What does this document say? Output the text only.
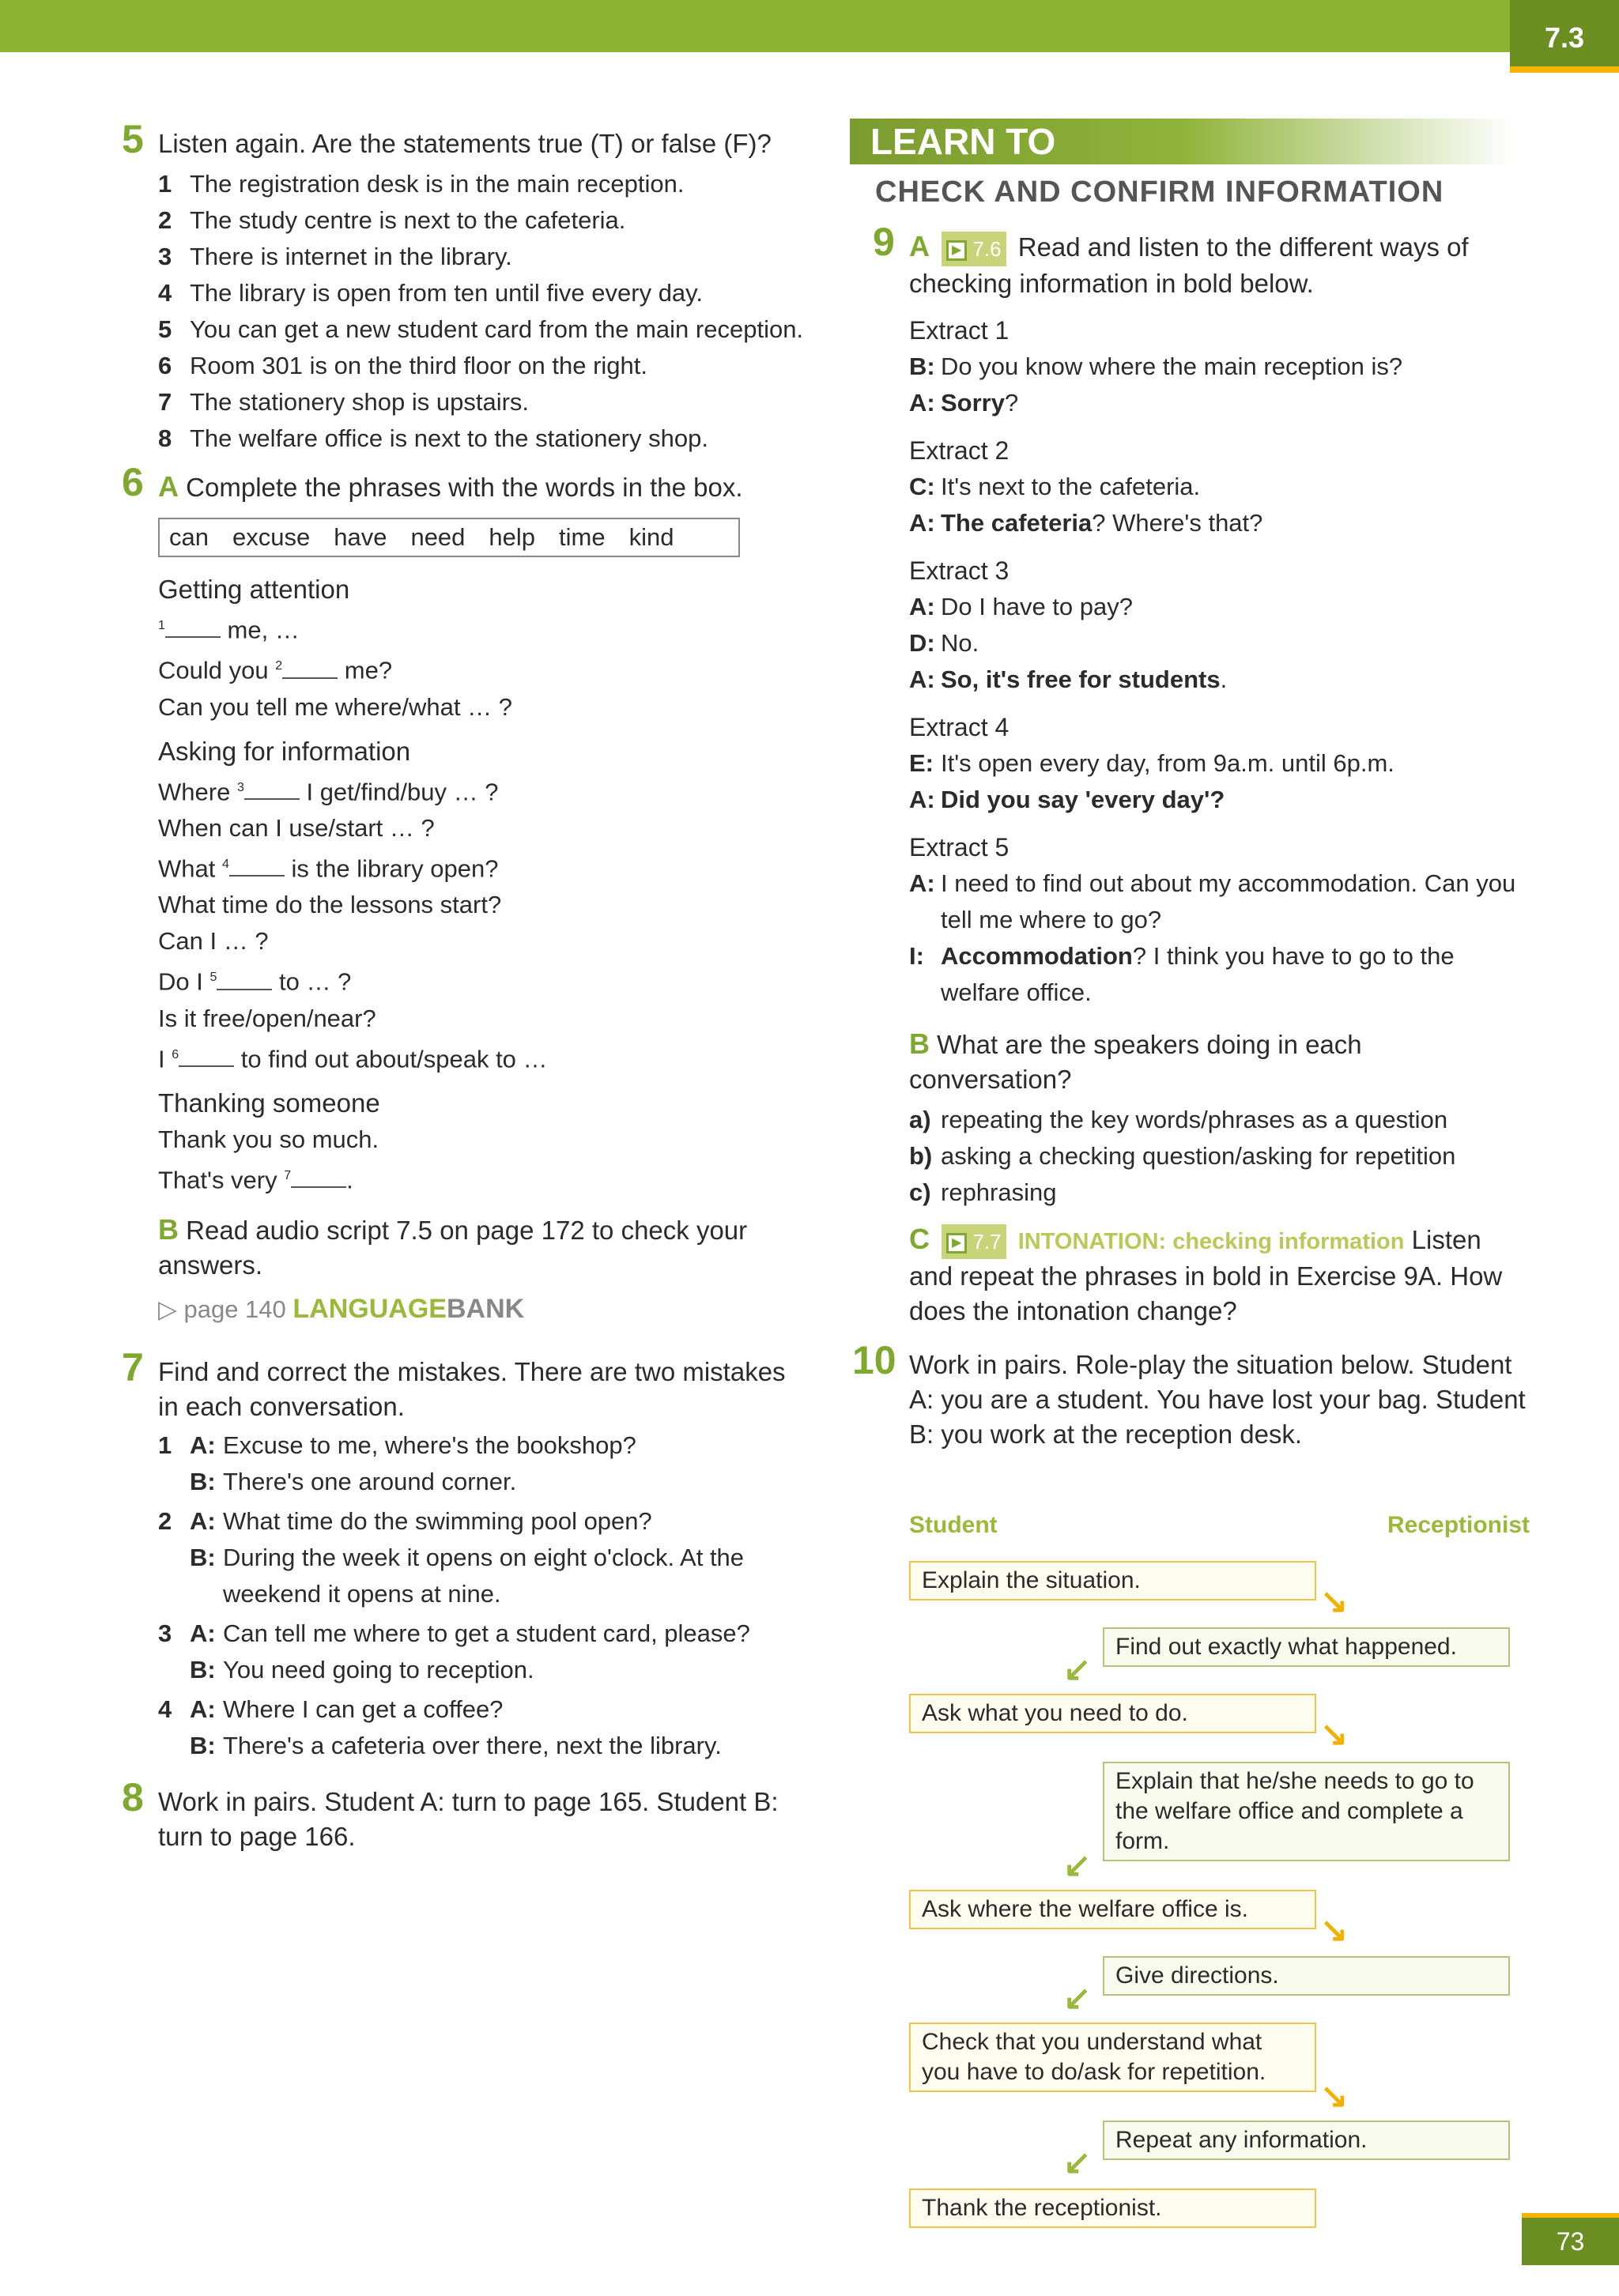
7.3
5 Listen again. Are the statements true (T) or false (F)?
1 The registration desk is in the main reception.
2 The study centre is next to the cafeteria.
3 There is internet in the library.
4 The library is open from ten until five every day.
5 You can get a new student card from the main reception.
6 Room 301 is on the third floor on the right.
7 The stationery shop is upstairs.
8 The welfare office is next to the stationery shop.
6 A Complete the phrases with the words in the box.
can excuse have need help time kind
Getting attention
$^1$	me, …
Could you $^2$	me?
Can you tell me where/what … ?
Asking for information
Where $^3$	I get/find/buy … ?
When can I use/start … ?
What $^4$	is the library open?
What time do the lessons start?
Can I … ?
Do I $^5$	to … ?
Is it free/open/near?
I $^6$	to find out about/speak to …
Thanking someone
Thank you so much.
That's very $^7$ .
B Read audio script 7.5 on page 172 to check your answers.
▷ page 140 LANGUAGEBANK
7 Find and correct the mistakes. There are two mistakes in each conversation.
1 A: Excuse to me, where's the bookshop?
B: There's one around corner.
2 A: What time do the swimming pool open?
B: During the week it opens on eight o'clock. At the weekend it opens at nine.
3 A: Can tell me where to get a student card, please?
B: You need going to reception.
4 A: Where I can get a coffee?
B: There's a cafeteria over there, next the library.
8 Work in pairs. Student A: turn to page 165. Student B: turn to page 166.
LEARN TO
CHECK AND CONFIRM INFORMATION
9 A ▶ 7.6 Read and listen to the different ways of checking information in bold below.
Extract 1
B: Do you know where the main reception is?
A: Sorry?
Extract 2
C: It's next to the cafeteria.
A: The cafeteria? Where's that?
Extract 3
A: Do I have to pay?
D: No.
A: So, it's free for students.
Extract 4
E: It's open every day, from 9a.m. until 6p.m.
A: Did you say 'every day'?
Extract 5
A: I need to find out about my accommodation. Can you tell me where to go?
I: Accommodation? I think you have to go to the welfare office.
B What are the speakers doing in each conversation?
a) repeating the key words/phrases as a question
b) asking a checking question/asking for repetition
c) rephrasing
C ▶ 7.7 INTONATION: checking information Listen and repeat the phrases in bold in Exercise 9A. How does the intonation change?
10 Work in pairs. Role-play the situation below. Student A: you are a student. You have lost your bag. Student B: you work at the reception desk.
Student	Receptionist
Explain the situation.
↘
Find out exactly what happened.
↙
Ask what you need to do.
↘
Explain that he/she needs to go to the welfare office and complete a form.
↙
Ask where the welfare office is.
↘
Give directions.
↙
Check that you understand what you have to do/ask for repetition.
↘
Repeat any information.
↙
Thank the receptionist.
73
